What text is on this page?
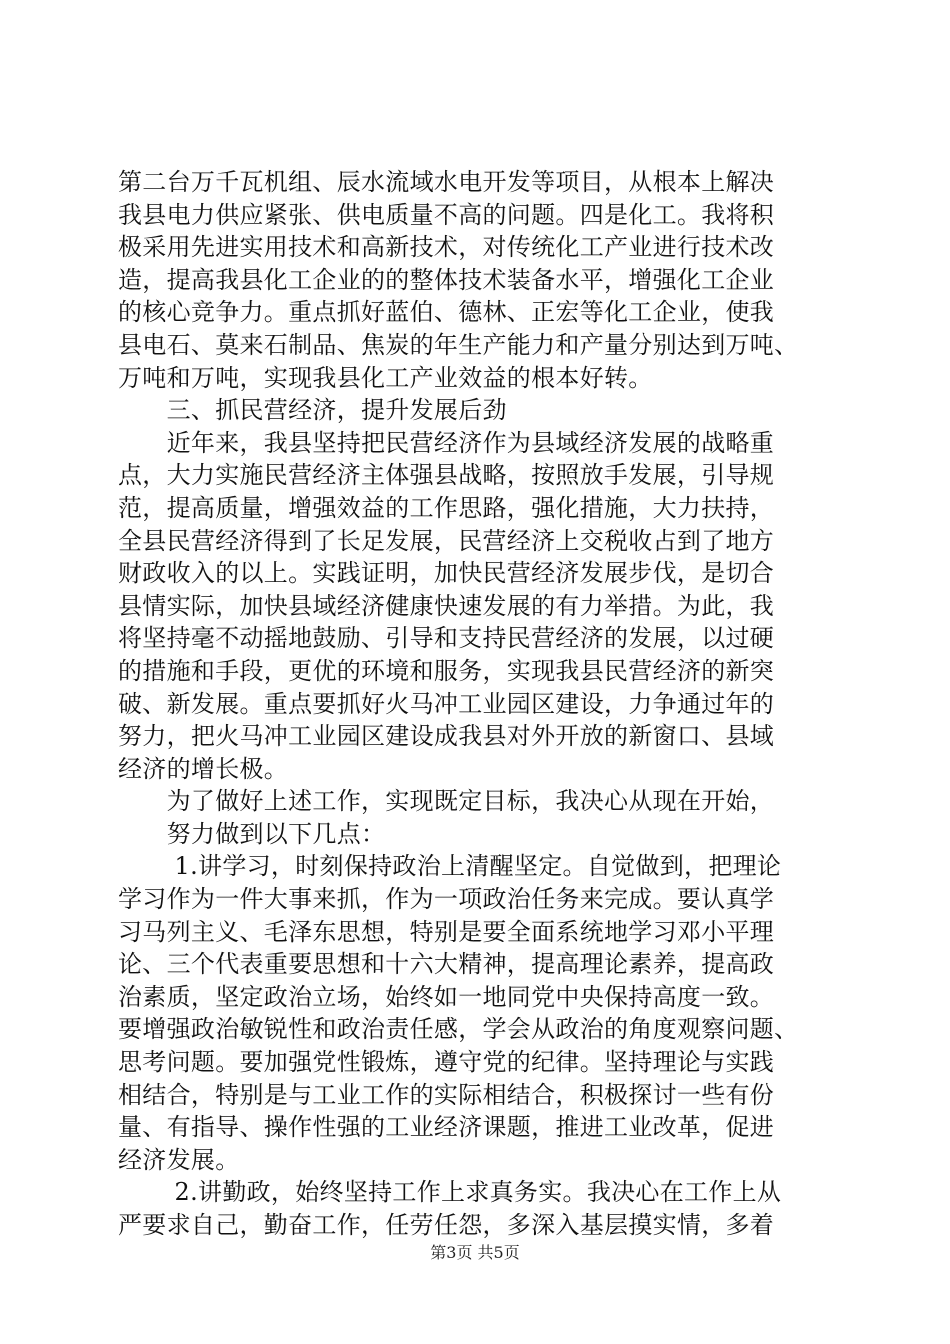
第二台万千瓦机组、辰水流域水电开发等项目，从根本上解决
我县电力供应紧张、供电质量不高的问题。四是化工。我将积
极采用先进实用技术和高新技术，对传统化工产业进行技术改
造，提高我县化工企业的的整体技术装备水平，增强化工企业
的核心竞争力。重点抓好蓝伯、德林、正宏等化工企业，使我
县电石、莫来石制品、焦炭的年生产能力和产量分别达到万吨、
万吨和万吨，实现我县化工产业效益的根本好转。
　　三、抓民营经济，提升发展后劲
　　近年来，我县坚持把民营经济作为县域经济发展的战略重
点，大力实施民营经济主体强县战略，按照放手发展，引导规
范，提高质量，增强效益的工作思路，强化措施，大力扶持，
全县民营经济得到了长足发展，民营经济上交税收占到了地方
财政收入的以上。实践证明，加快民营经济发展步伐，是切合
县情实际，加快县域经济健康快速发展的有力举措。为此，我
将坚持毫不动摇地鼓励、引导和支持民营经济的发展，以过硬
的措施和手段，更优的环境和服务，实现我县民营经济的新突
破、新发展。重点要抓好火马冲工业园区建设，力争通过年的
努力，把火马冲工业园区建设成我县对外开放的新窗口、县域
经济的增长极。
　　为了做好上述工作，实现既定目标，我决心从现在开始，
　　努力做到以下几点：
　　 1.讲学习，时刻保持政治上清醒坚定。自觉做到，把理论
学习作为一件大事来抓，作为一项政治任务来完成。要认真学
习马列主义、毛泽东思想，特别是要全面系统地学习邓小平理
论、三个代表重要思想和十六大精神，提高理论素养，提高政
治素质，坚定政治立场，始终如一地同党中央保持高度一致。
要增强政治敏锐性和政治责任感，学会从政治的角度观察问题、
思考问题。要加强党性锻炼，遵守党的纪律。坚持理论与实践
相结合，特别是与工业工作的实际相结合，积极探讨一些有份
量、有指导、操作性强的工业经济课题，推进工业改革，促进
经济发展。
　　 2.讲勤政，始终坚持工作上求真务实。我决心在工作上从
严要求自己，勤奋工作，任劳任怨，多深入基层摸实情，多着
第3页 共5页
